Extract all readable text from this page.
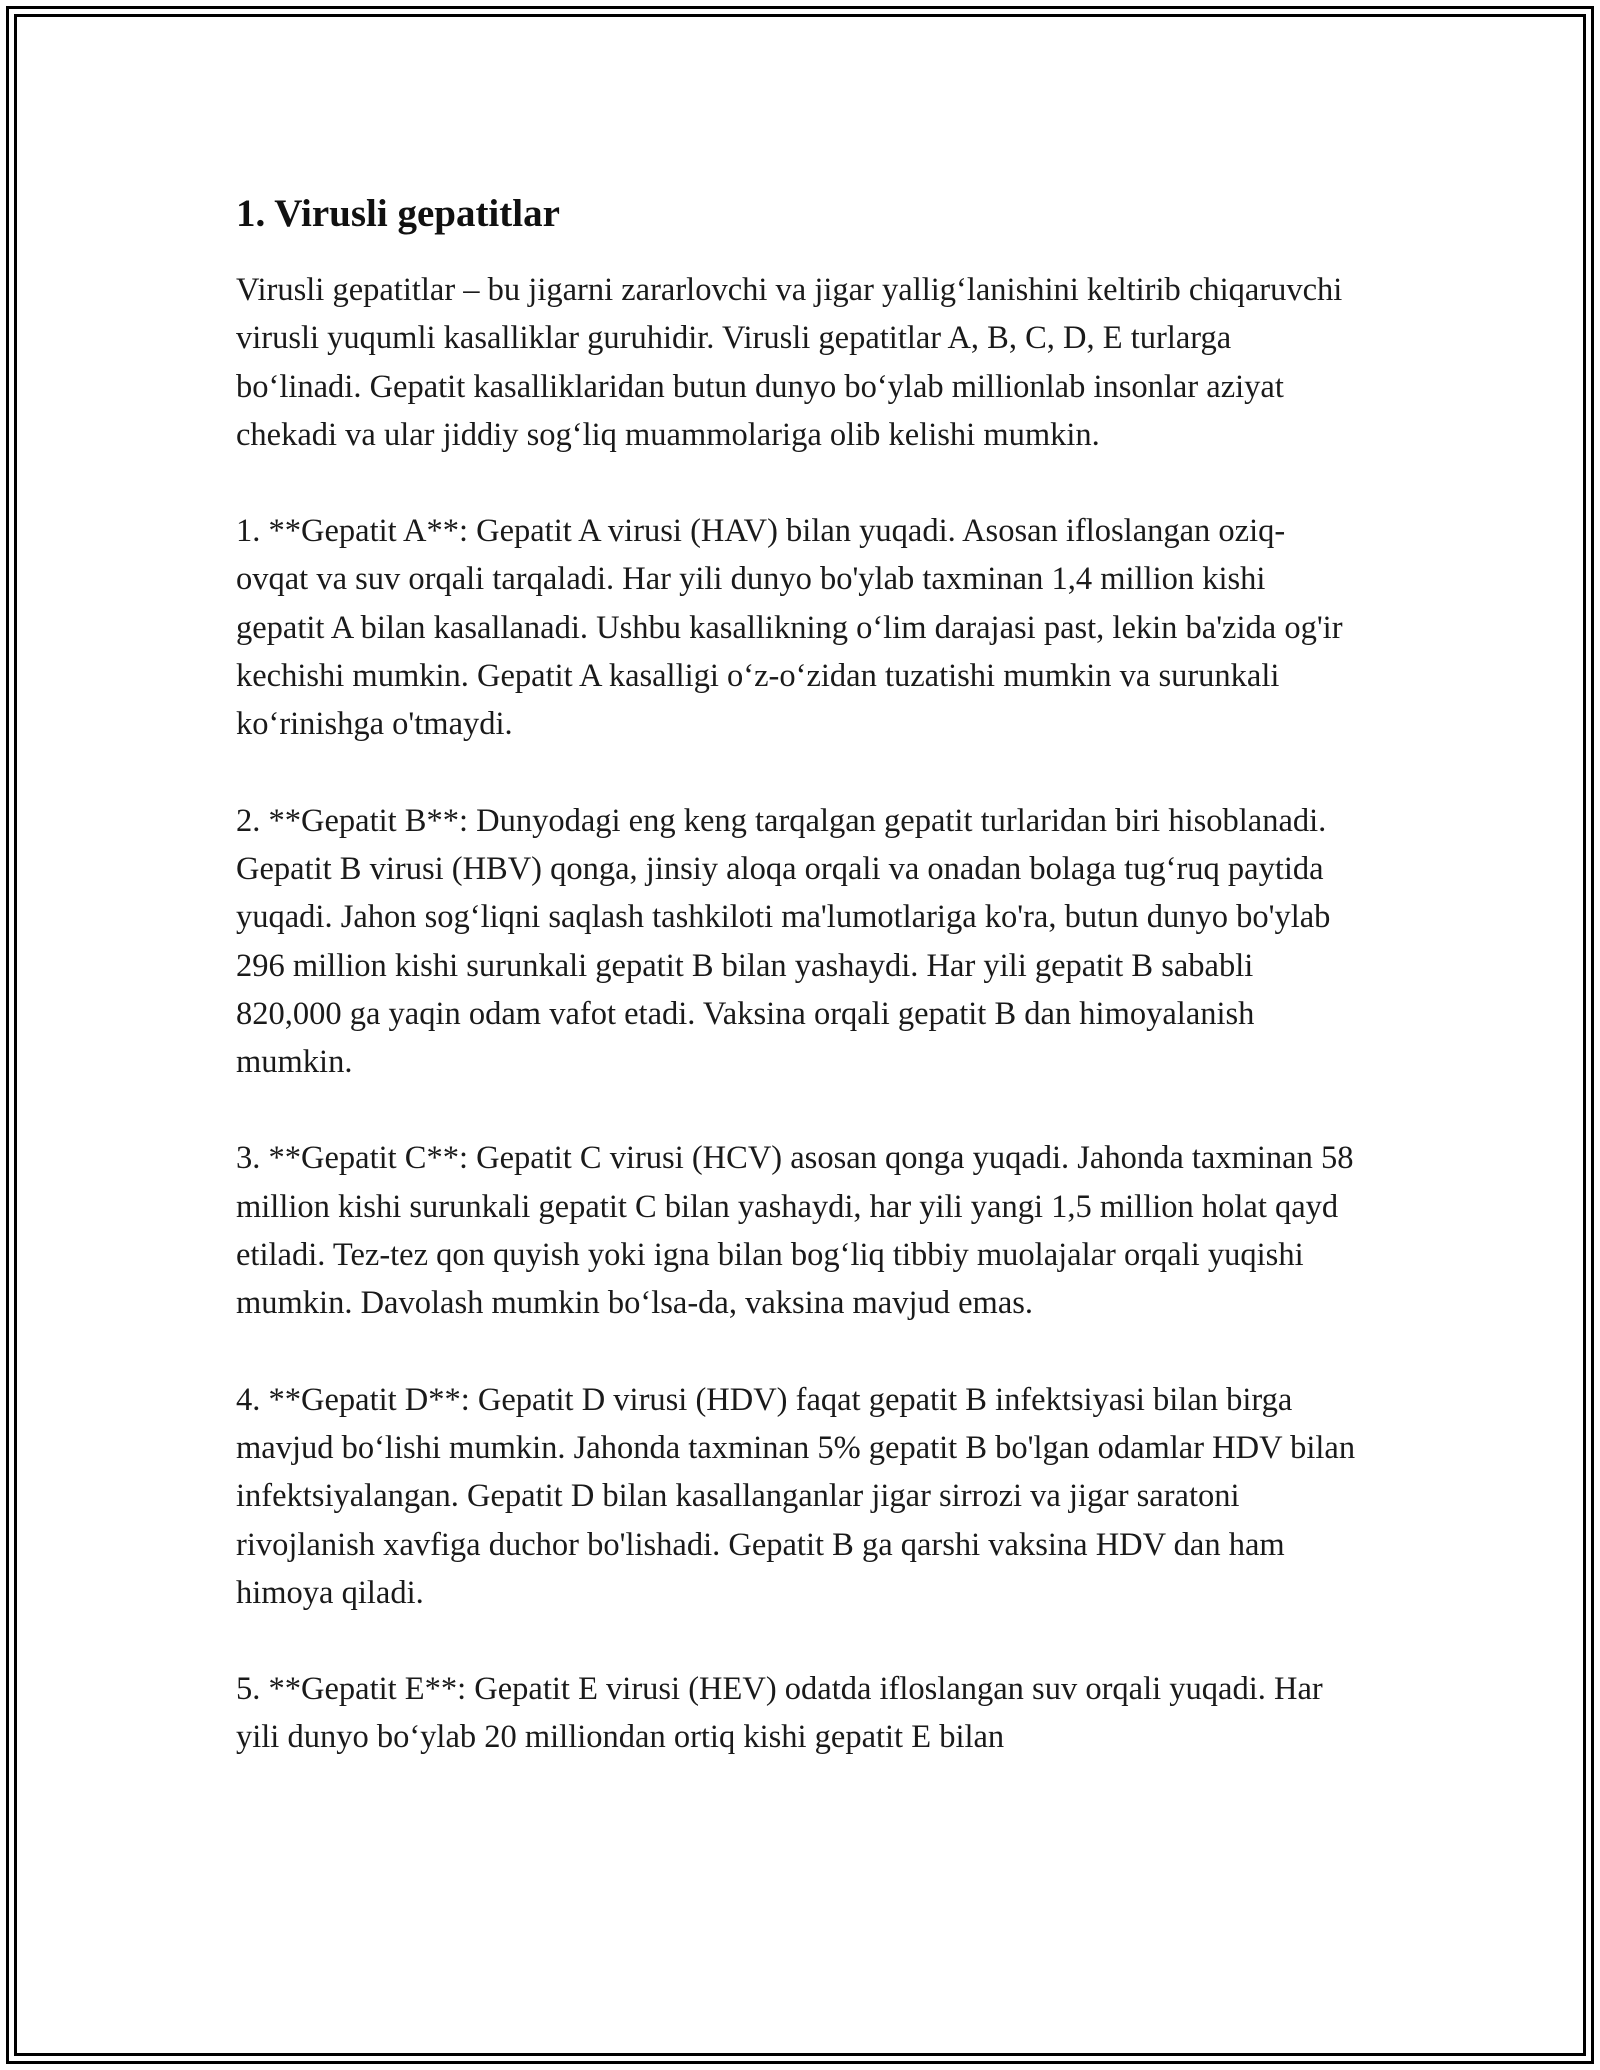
1. Virusli gepatitlar

Virusli gepatitlar – bu jigarni zararlovchi va jigar yallig‘lanishini keltirib chiqaruvchi virusli yuqumli kasalliklar guruhidir. Virusli gepatitlar A, B, C, D, E turlarga bo‘linadi. Gepatit kasalliklaridan butun dunyo bo‘ylab millionlab insonlar aziyat chekadi va ular jiddiy sog‘liq muammolariga olib kelishi mumkin.

1. **Gepatit A**: Gepatit A virusi (HAV) bilan yuqadi. Asosan ifloslangan oziq-ovqat va suv orqali tarqaladi. Har yili dunyo bo'ylab taxminan 1,4 million kishi gepatit A bilan kasallanadi. Ushbu kasallikning o‘lim darajasi past, lekin ba'zida og'ir kechishi mumkin. Gepatit A kasalligi o‘z-o‘zidan tuzatishi mumkin va surunkali ko‘rinishga o'tmaydi.

2. **Gepatit B**: Dunyodagi eng keng tarqalgan gepatit turlaridan biri hisoblanadi. Gepatit B virusi (HBV) qonga, jinsiy aloqa orqali va onadan bolaga tug‘ruq paytida yuqadi. Jahon sog‘liqni saqlash tashkiloti ma'lumotlariga ko'ra, butun dunyo bo'ylab 296 million kishi surunkali gepatit B bilan yashaydi. Har yili gepatit B sababli 820,000 ga yaqin odam vafot etadi. Vaksina orqali gepatit B dan himoyalanish mumkin.

3. **Gepatit C**: Gepatit C virusi (HCV) asosan qonga yuqadi. Jahonda taxminan 58 million kishi surunkali gepatit C bilan yashaydi, har yili yangi 1,5 million holat qayd etiladi. Tez-tez qon quyish yoki igna bilan bog‘liq tibbiy muolajalar orqali yuqishi mumkin. Davolash mumkin bo‘lsa-da, vaksina mavjud emas.

4. **Gepatit D**: Gepatit D virusi (HDV) faqat gepatit B infektsiyasi bilan birga mavjud bo‘lishi mumkin. Jahonda taxminan 5% gepatit B bo'lgan odamlar HDV bilan infektsiyalangan. Gepatit D bilan kasallanganlar jigar sirrozi va jigar saratoni rivojlanish xavfiga duchor bo'lishadi. Gepatit B ga qarshi vaksina HDV dan ham himoya qiladi.

5. **Gepatit E**: Gepatit E virusi (HEV) odatda ifloslangan suv orqali yuqadi. Har yili dunyo bo‘ylab 20 milliondan ortiq kishi gepatit E bilan
